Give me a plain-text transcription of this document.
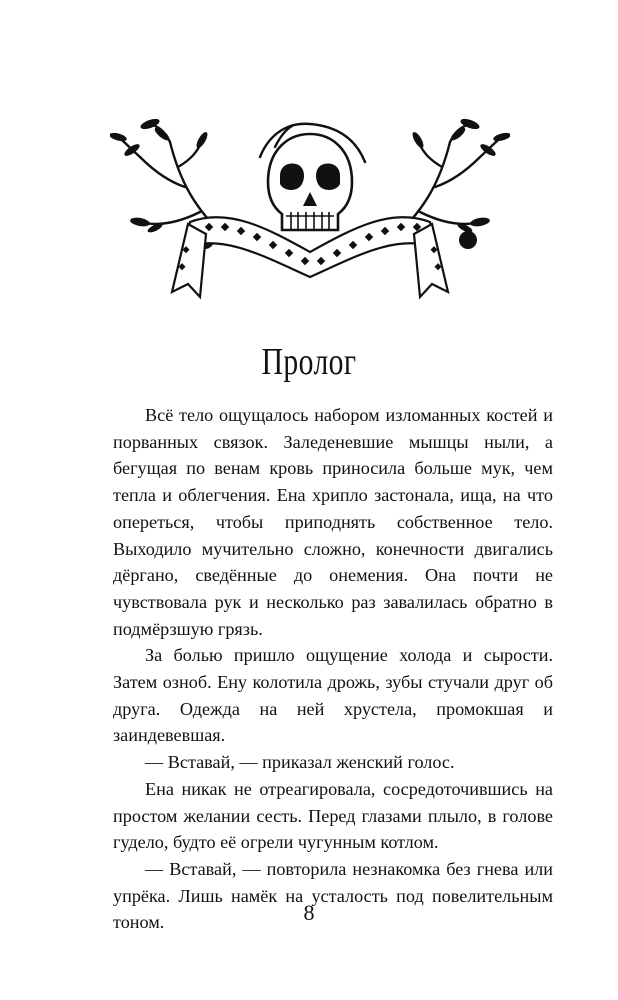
Пролог

Всё тело ощущалось набором изломанных костей и порванных связок. Заледеневшие мышцы ныли, а бегущая по венам кровь приносила больше мук, чем тепла и облегчения. Ена хрипло застонала, ища, на что опереться, чтобы приподнять собственное тело. Выходило мучительно сложно, конечности двигались дёргано, сведённые до онемения. Она почти не чувствовала рук и несколько раз завалилась обратно в подмёрзшую грязь.

За болью пришло ощущение холода и сырости. Затем озноб. Ену колотила дрожь, зубы стучали друг об друга. Одежда на ней хрустела, промокшая и заиндевевшая.

— Вставай, — приказал женский голос.

Ена никак не отреагировала, сосредоточившись на простом желании сесть. Перед глазами плыло, в голове гудело, будто её огрели чугунным котлом.

— Вставай, — повторила незнакомка без гнева или упрёка. Лишь намёк на усталость под повелительным тоном.	8
